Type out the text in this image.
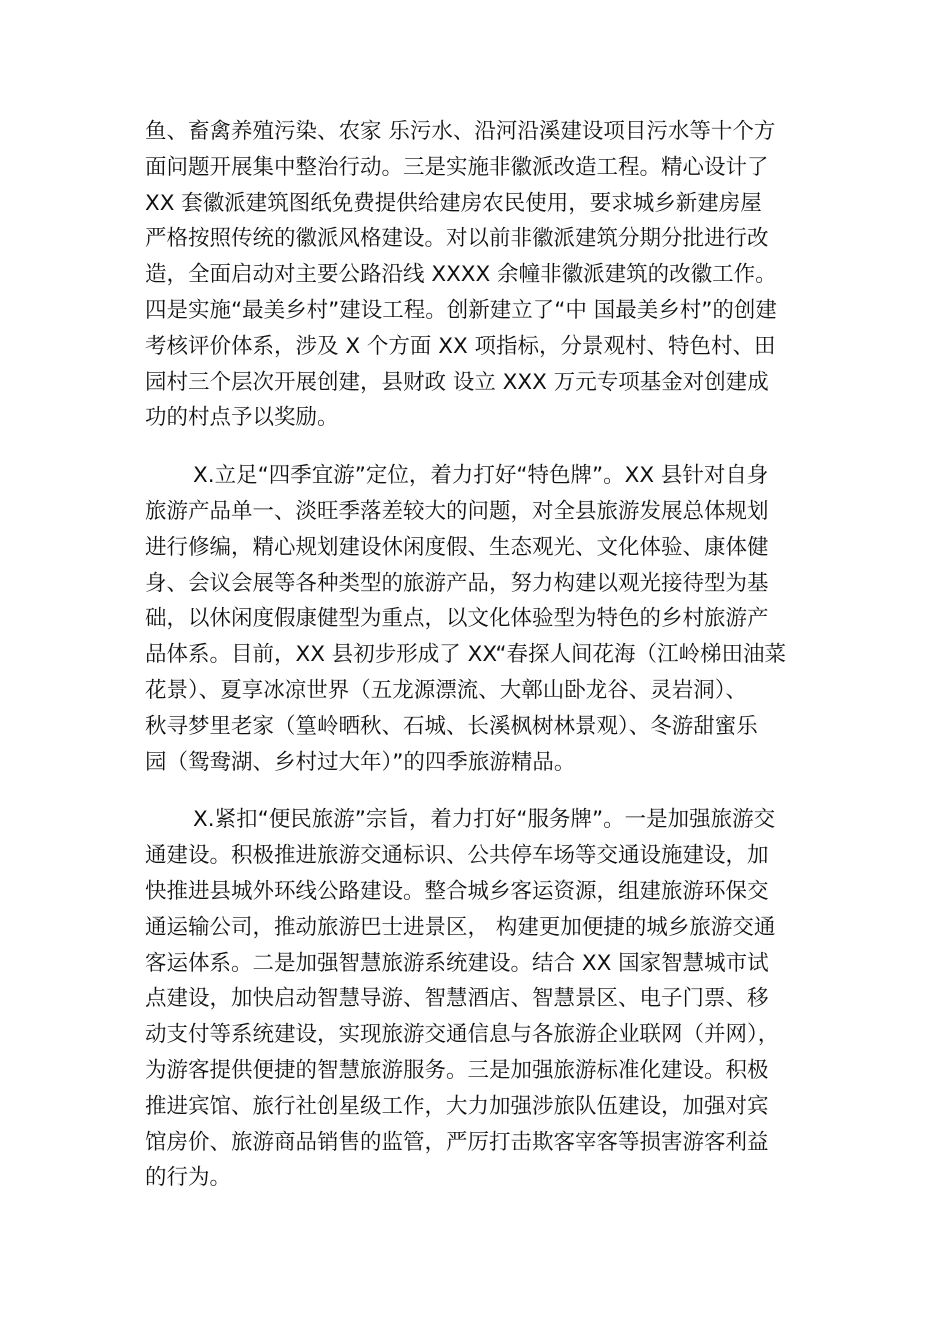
鱼、畜禽养殖污染、农家 乐污水、沿河沿溪建设项目污水等十个方
面问题开展集中整治行动。三是实施非徽派改造工程。精心设计了
XX 套徽派建筑图纸免费提供给建房农民使用，要求城乡新建房屋
严格按照传统的徽派风格建设。对以前非徽派建筑分期分批进行改
造，全面启动对主要公路沿线 XXXX 余幢非徽派建筑的改徽工作。
四是实施“最美乡村”建设工程。创新建立了“中 国最美乡村”的创建
考核评价体系，涉及 X 个方面 XX 项指标，分景观村、特色村、田
园村三个层次开展创建，县财政 设立 XXX 万元专项基金对创建成
功的村点予以奖励。

X.立足“四季宜游”定位，着力打好“特色牌”。XX 县针对自身
旅游产品单一、淡旺季落差较大的问题，对全县旅游发展总体规划
进行修编，精心规划建设休闲度假、生态观光、文化体验、康体健
身、会议会展等各种类型的旅游产品，努力构建以观光接待型为基
础，以休闲度假康健型为重点，以文化体验型为特色的乡村旅游产
品体系。目前，XX 县初步形成了 XX“春探人间花海（江岭梯田油菜
花景）、夏享冰凉世界（五龙源漂流、大鄣山卧龙谷、灵岩洞）、
秋寻梦里老家（篁岭晒秋、石城、长溪枫树林景观）、冬游甜蜜乐
园（鸳鸯湖、乡村过大年）”的四季旅游精品。

X.紧扣“便民旅游”宗旨，着力打好“服务牌”。一是加强旅游交
通建设。积极推进旅游交通标识、公共停车场等交通设施建设，加
快推进县城外环线公路建设。整合城乡客运资源，组建旅游环保交
通运输公司，推动旅游巴士进景区， 构建更加便捷的城乡旅游交通
客运体系。二是加强智慧旅游系统建设。结合 XX 国家智慧城市试
点建设，加快启动智慧导游、智慧酒店、智慧景区、电子门票、移
动支付等系统建设，实现旅游交通信息与各旅游企业联网（并网），
为游客提供便捷的智慧旅游服务。三是加强旅游标准化建设。积极
推进宾馆、旅行社创星级工作，大力加强涉旅队伍建设，加强对宾
馆房价、旅游商品销售的监管，严厉打击欺客宰客等损害游客利益
的行为。
